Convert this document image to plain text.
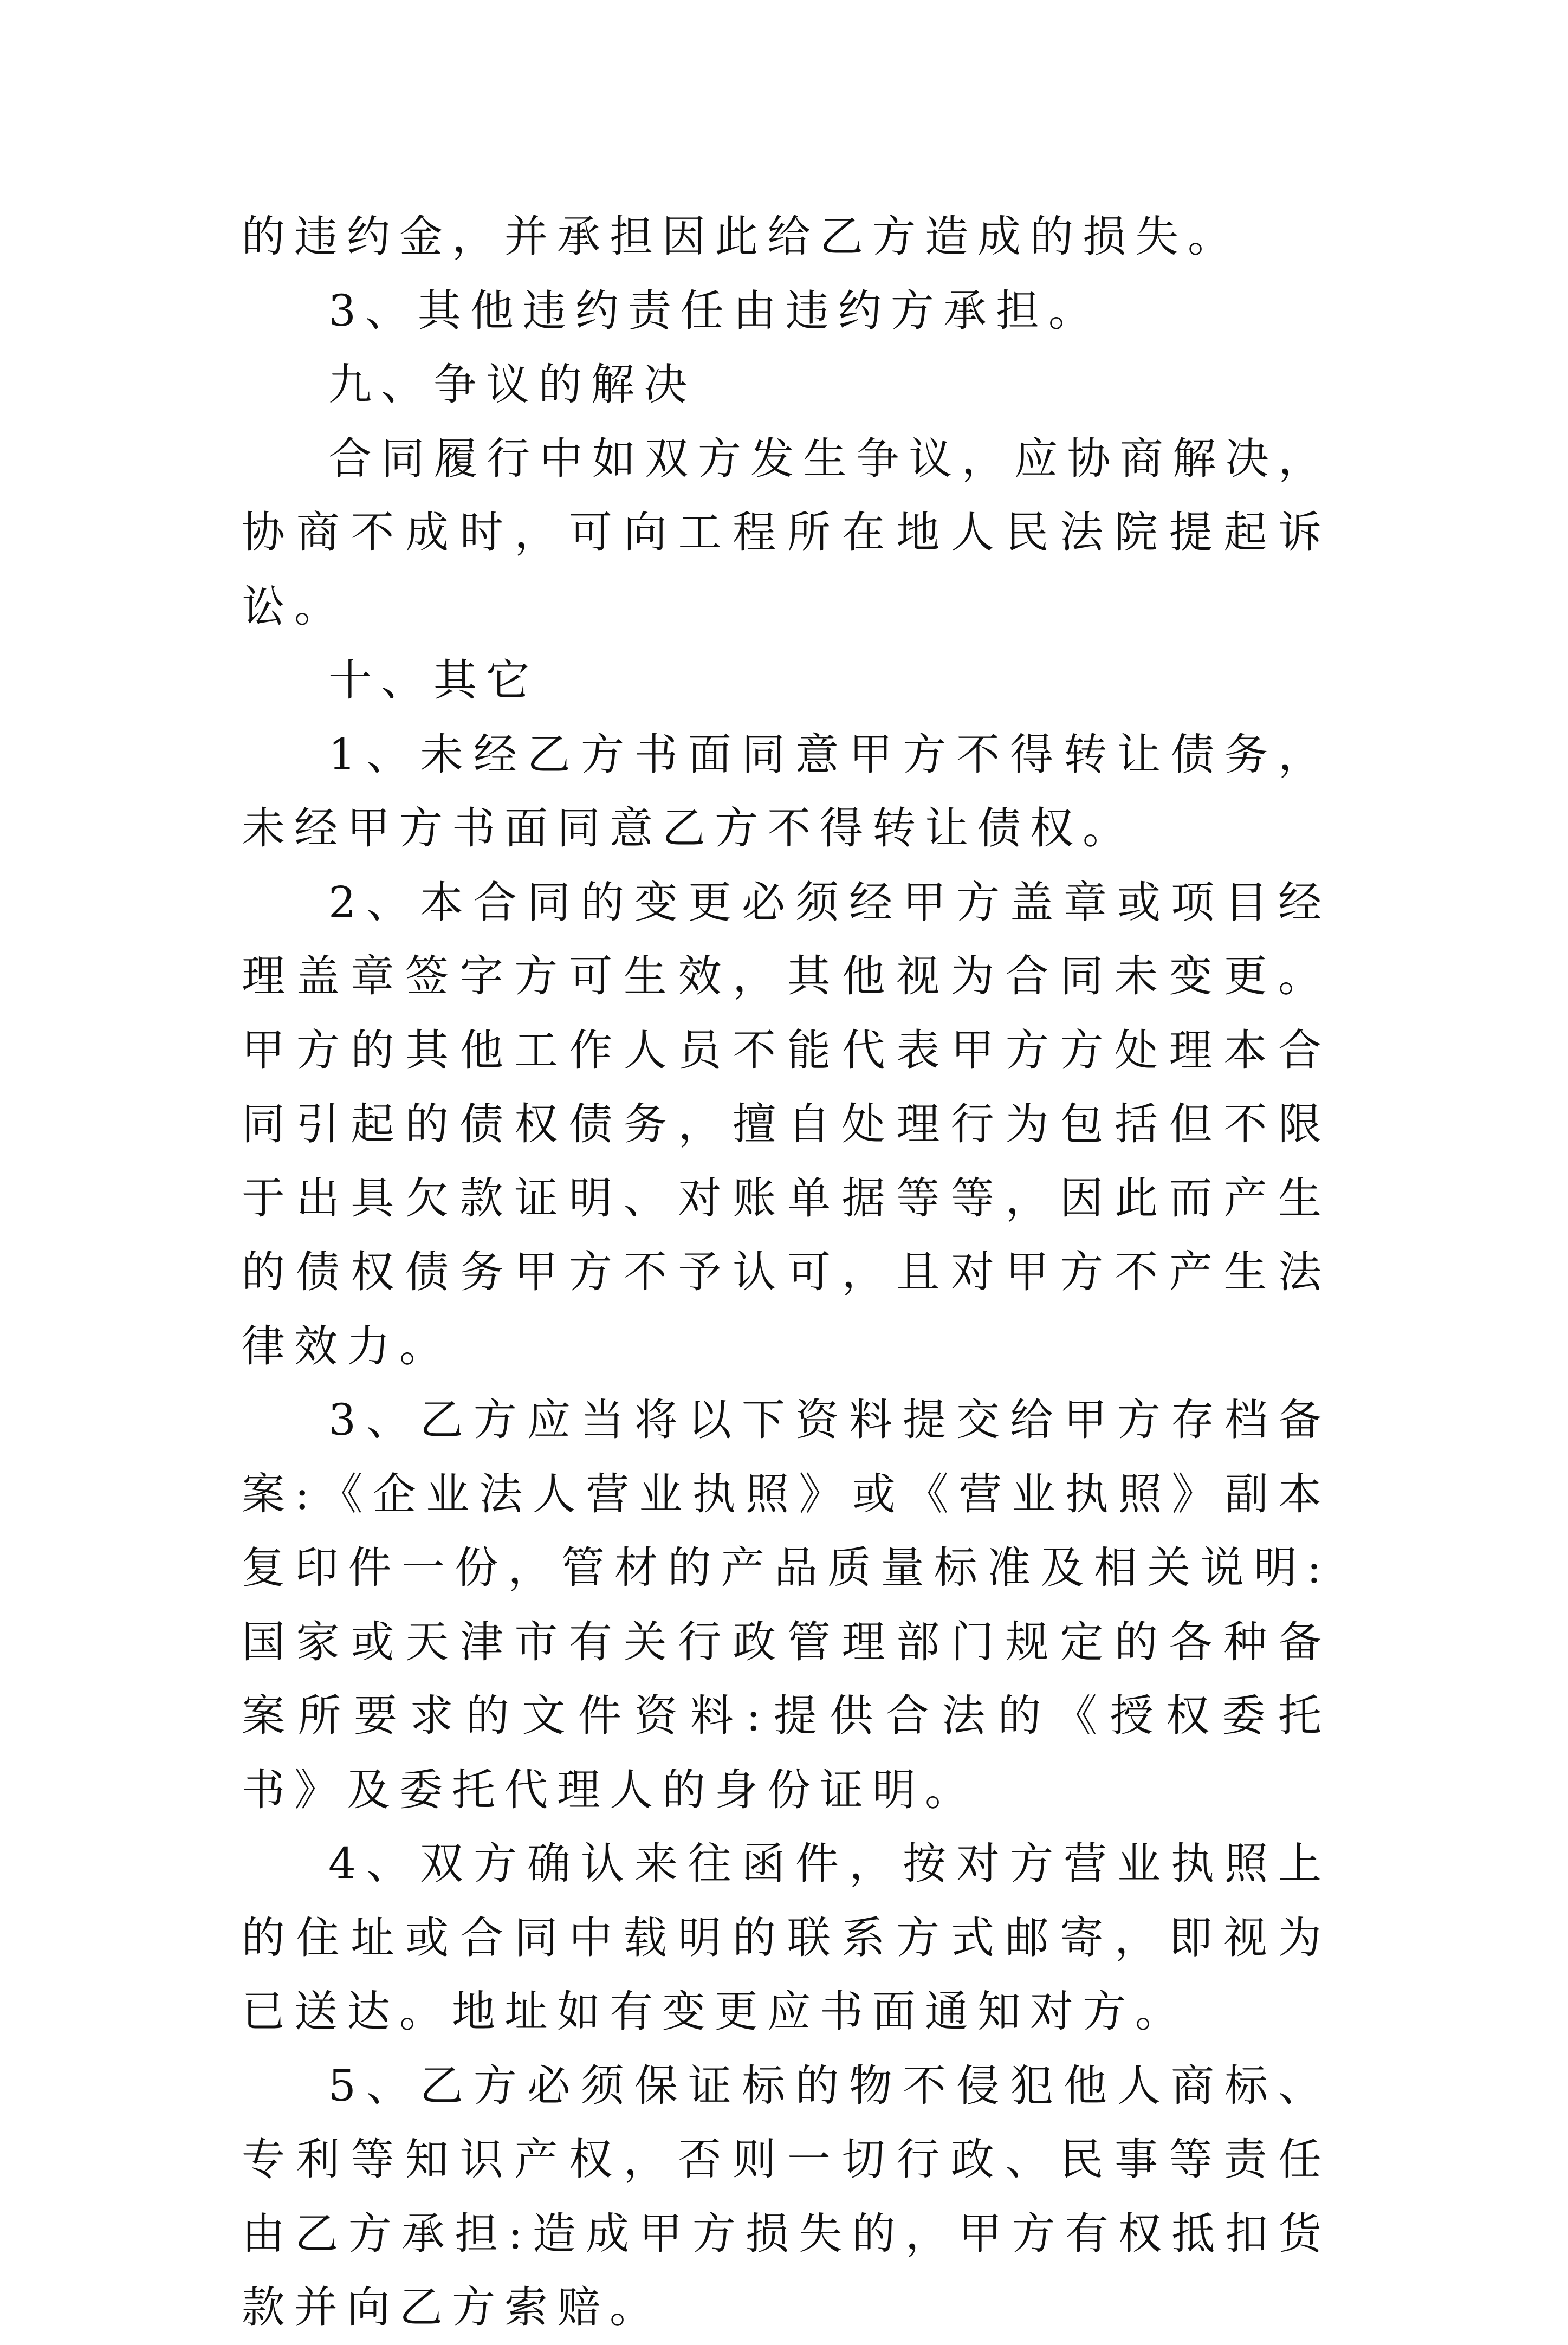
的违约金，并承担因此给乙方造成的损失。

3、其他违约责任由违约方承担。

九、争议的解决

合同履行中如双方发生争议，应协商解决，协商不成时，可向工程所在地人民法院提起诉讼。

十、其它

1、未经乙方书面同意甲方不得转让债务，未经甲方书面同意乙方不得转让债权。

2、本合同的变更必须经甲方盖章或项目经理盖章签字方可生效，其他视为合同未变更。甲方的其他工作人员不能代表甲方方处理本合同引起的债权债务，擅自处理行为包括但不限于出具欠款证明、对账单据等等，因此而产生的债权债务甲方不予认可，且对甲方不产生法律效力。

3、乙方应当将以下资料提交给甲方存档备案:《企业法人营业执照》或《营业执照》副本复印件一份，管材的产品质量标准及相关说明:国家或天津市有关行政管理部门规定的各种备案所要求的文件资料:提供合法的《授权委托书》及委托代理人的身份证明。

4、双方确认来往函件，按对方营业执照上的住址或合同中载明的联系方式邮寄，即视为已送达。地址如有变更应书面通知对方。

5、乙方必须保证标的物不侵犯他人商标、专利等知识产权，否则一切行政、民事等责任由乙方承担:造成甲方损失的，甲方有权抵扣货款并向乙方索赔。
